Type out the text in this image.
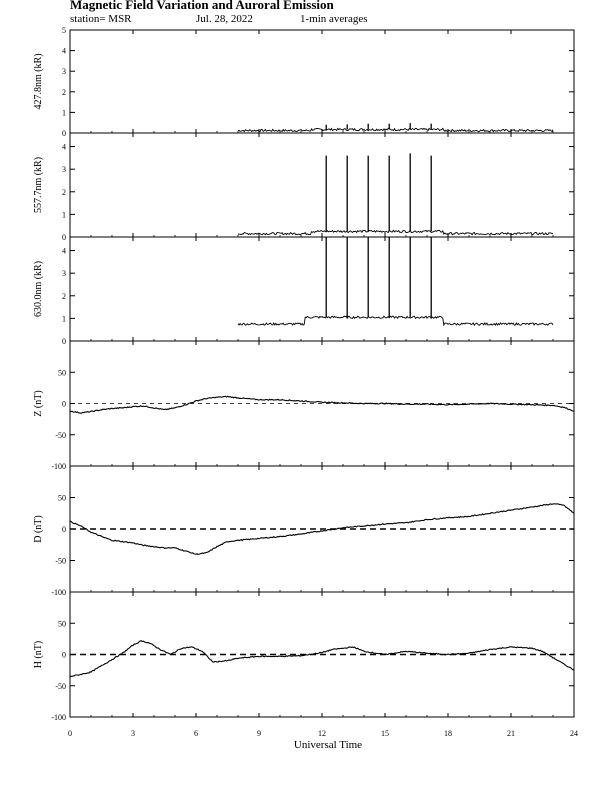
Magnetic Field Variation and Auroral Emission
station= MSR	Jul. 28, 2022	1-min averages
0
1
2
3
4
5
427.8nm (kR)
0
1
2
3
4
557.7nm (kR)
0
1
2
3
4
630.0nm (kR)
-100
-50
0
50
Z (nT)
-100
-50
0
50
D (nT)
-100
-50
0
50
H (nT)
0	3	6	9	12	15	18	21	24
Universal Time
